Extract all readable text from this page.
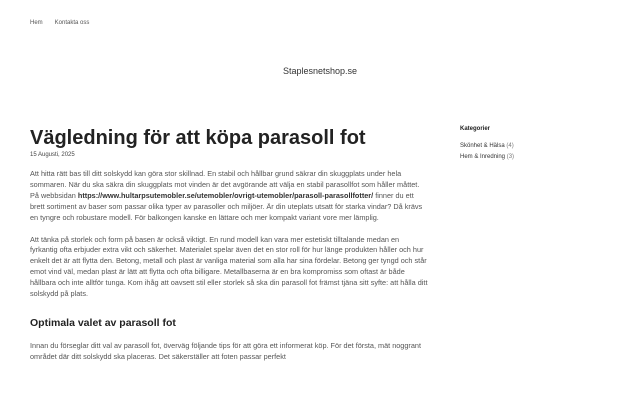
Hem Kontakta oss
Staplesnetshop.se
Vägledning för att köpa parasoll fot
15 Augusti, 2025

Att hitta rätt bas till ditt solskydd kan göra stor skillnad. En stabil och hållbar grund säkrar din skuggplats under hela sommaren. När du ska säkra din skuggplats mot vinden är det avgörande att välja en stabil parasollfot som håller måttet. På webbsidan https://www.hultarpsutemobler.se/utemobler/ovrigt-utemobler/parasoll-parasollfotter/ finner du ett brett sortiment av baser som passar olika typer av parasoller och miljöer. Är din uteplats utsatt för starka vindar? Då krävs en tyngre och robustare modell. För balkongen kanske en lättare och mer kompakt variant vore mer lämplig.

Att tänka på storlek och form på basen är också viktigt. En rund modell kan vara mer estetiskt tilltalande medan en fyrkantig ofta erbjuder extra vikt och säkerhet. Materialet spelar även det en stor roll för hur länge produkten håller och hur enkelt det är att flytta den. Betong, metall och plast är vanliga material som alla har sina fördelar. Betong ger tyngd och står emot vind väl, medan plast är lätt att flytta och ofta billigare. Metallbaserna är en bra kompromiss som oftast är både hållbara och inte alltför tunga. Kom ihåg att oavsett stil eller storlek så ska din parasoll fot främst tjäna sitt syfte: att hålla ditt solskydd på plats.

Optimala valet av parasoll fot

Innan du förseglar ditt val av parasoll fot, överväg följande tips för att göra ett informerat köp. För det första, mät noggrant området där ditt solskydd ska placeras. Det säkerställer att foten passar perfekt

Kategorier
Skönhet & Hälsa (4)
Hem & Inredning (3)
